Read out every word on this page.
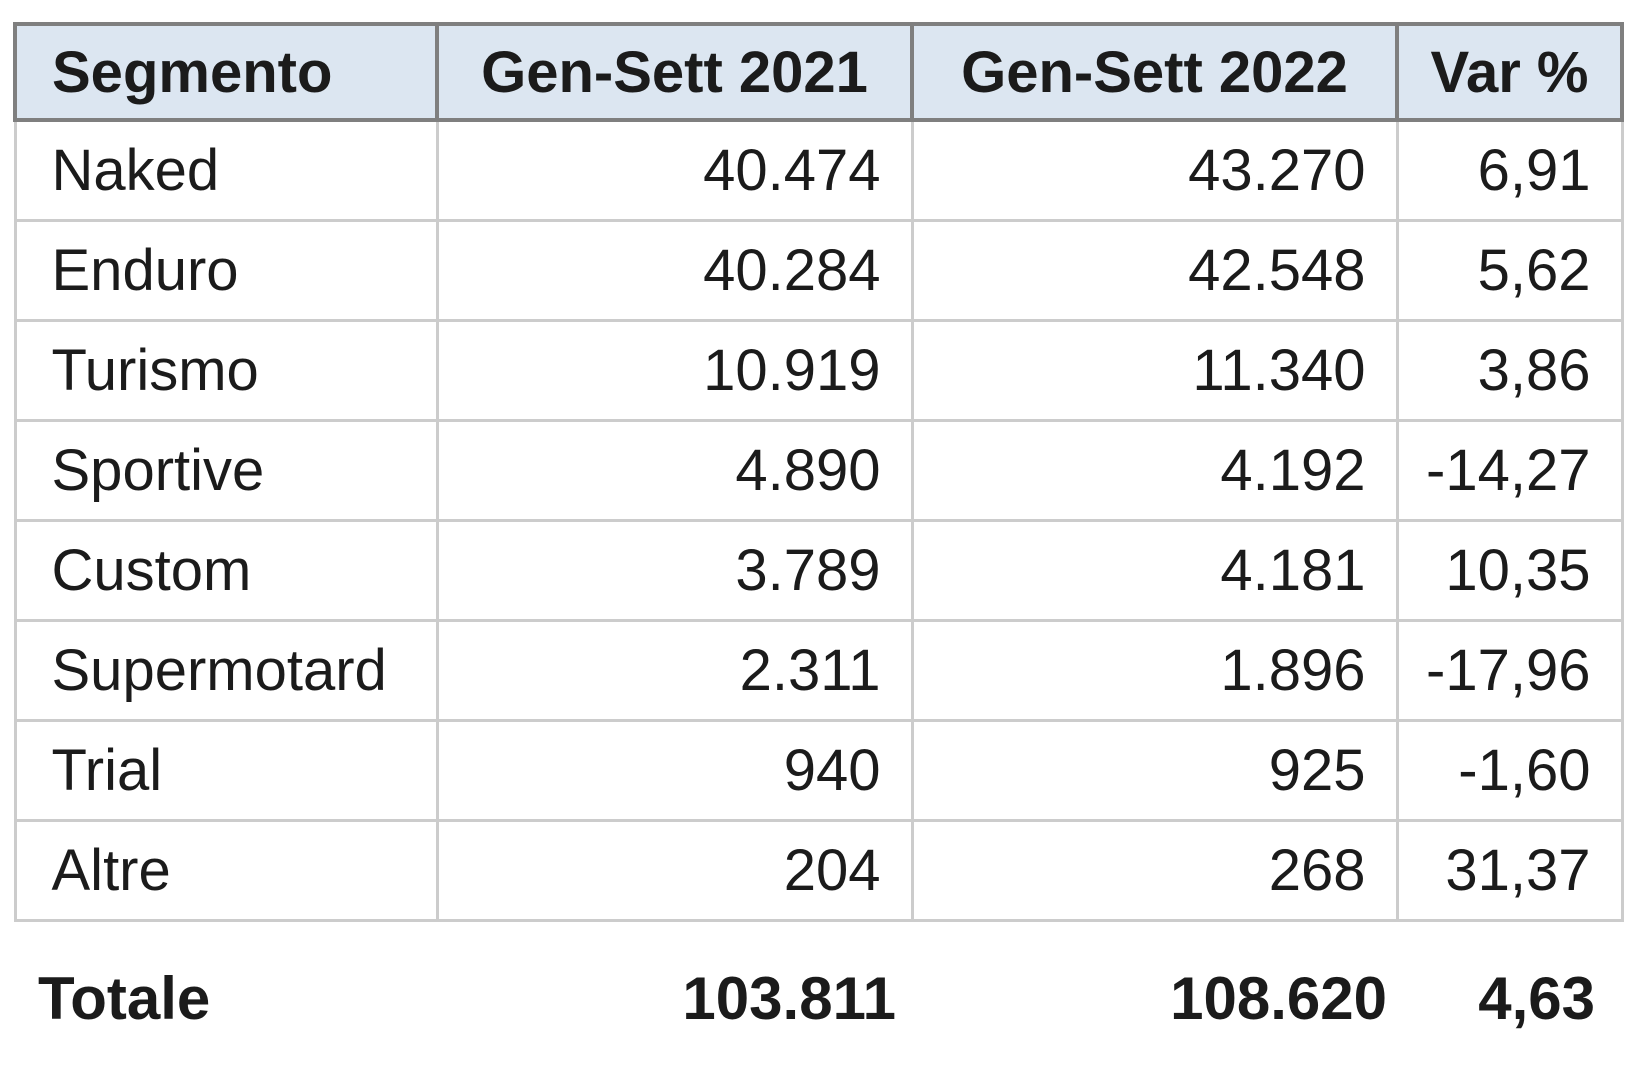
Segmento	Gen-Sett 2021	Gen-Sett 2022	Var %
Naked	40.474	43.270	6,91
Enduro	40.284	42.548	5,62
Turismo	10.919	11.340	3,86
Sportive	4.890	4.192	-14,27
Custom	3.789	4.181	10,35
Supermotard	2.311	1.896	-17,96
Trial	940	925	-1,60
Altre	204	268	31,37
Totale	103.811	108.620	4,63
